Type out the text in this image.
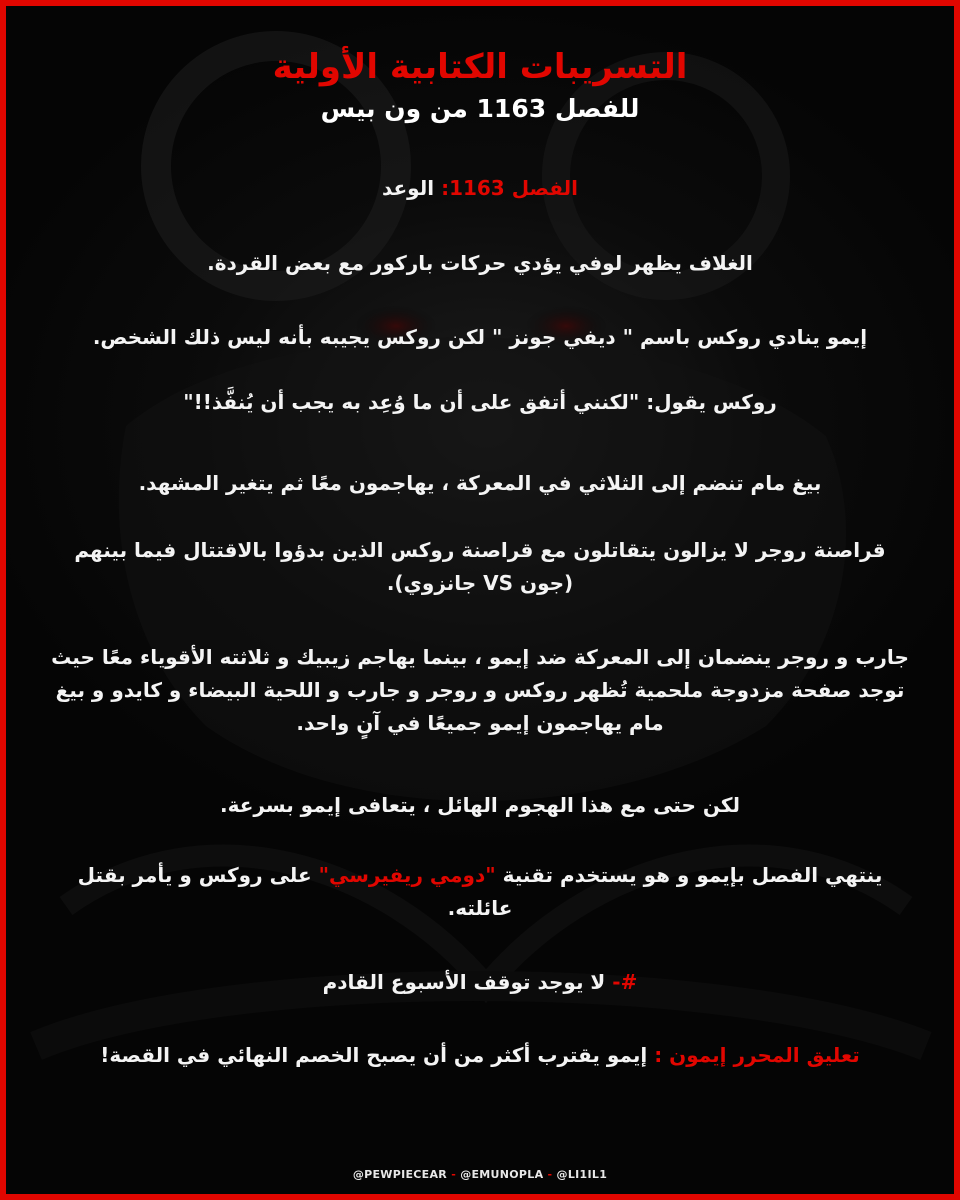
التسريبات الكتابية الأولية
للفصل 1163 من ون بيس

الفصل 1163: الوعد

الغلاف يظهر لوفي يؤدي حركات باركور مع بعض القردة.

إيمو ينادي روكس باسم " ديفي جونز " لكن روكس يجيبه بأنه ليس ذلك الشخص.

روكس يقول: "لكنني أتفق على أن ما وُعِد به يجب أن يُنفَّذ!!"

بيغ مام تنضم إلى الثلاثي في المعركة ، يهاجمون معًا ثم يتغير المشهد.

قراصنة روجر لا يزالون يتقاتلون مع قراصنة روكس الذين بدؤوا بالاقتتال فيما بينهم (جون VS جانزوي).

جارب و روجر ينضمان إلى المعركة ضد إيمو ، بينما يهاجم زيبيك و ثلاثته الأقوياء معًا حيث توجد صفحة مزدوجة ملحمية تُظهر روكس و روجر و جارب و اللحية البيضاء و كايدو و بيغ مام يهاجمون إيمو جميعًا في آنٍ واحد.

لكن حتى مع هذا الهجوم الهائل ، يتعافى إيمو بسرعة.

ينتهي الفصل بإيمو و هو يستخدم تقنية "دومي ريفيرسي" على روكس و يأمر بقتل عائلته.

#- لا يوجد توقف الأسبوع القادم

تعليق المحرر إيمون : إيمو يقترب أكثر من أن يصبح الخصم النهائي في القصة!

@PEWPIECEAR - @EMUNOPLA - @LI1IL1
